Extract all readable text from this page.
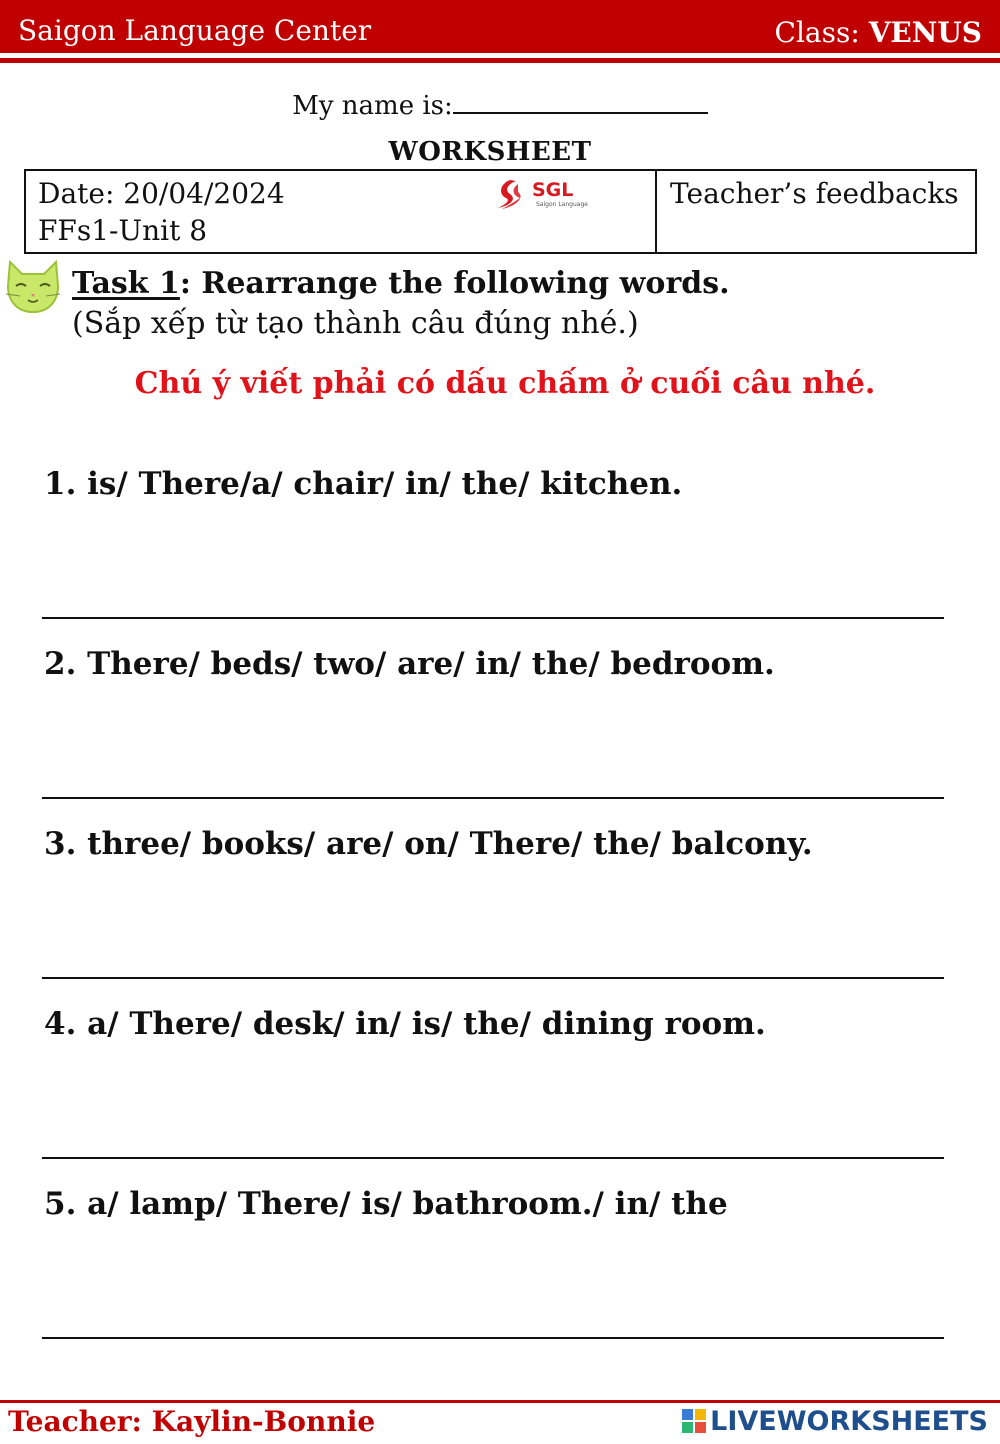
Saigon Language Center	Class: VENUS
My name is:
WORKSHEET
Date: 20/04/2024
FFs1-Unit 8
SGL
Saigon Language	Teacher’s feedbacks
Task 1: Rearrange the following words.
(Sắp xếp từ tạo thành câu đúng nhé.)
Chú ý viết phải có dấu chấm ở cuối câu nhé.
1. is/ There/a/ chair/ in/ the/ kitchen.
2. There/ beds/ two/ are/ in/ the/ bedroom.
3. three/ books/ are/ on/ There/ the/ balcony.
4. a/ There/ desk/ in/ is/ the/ dining room.
5. a/ lamp/ There/ is/ bathroom./ in/ the
Teacher: Kaylin-Bonnie	LIVEWORKSHEETS
